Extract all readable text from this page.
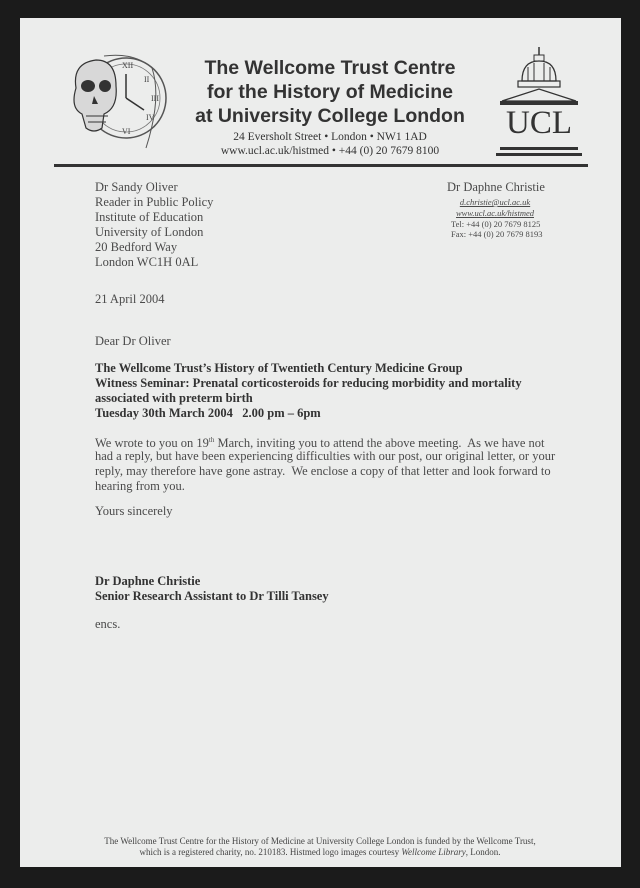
XII
III
VI
II
IV
The Wellcome Trust Centre
for the History of Medicine
at University College London
24 Eversholt Street • London • NW1 1AD
www.ucl.ac.uk/histmed • +44 (0) 20 7679 8100
UCL
Dr Sandy Oliver
Reader in Public Policy
Institute of Education
University of London
20 Bedford Way
London WC1H 0AL
Dr Daphne Christie
d.christie@ucl.ac.uk
www.ucl.ac.uk/histmed
Tel: +44 (0) 20 7679 8125
Fax: +44 (0) 20 7679 8193
21 April 2004
Dear Dr Oliver
The Wellcome Trust’s History of Twentieth Century Medicine Group
Witness Seminar: Prenatal corticosteroids for reducing morbidity and mortality
associated with preterm birth
Tuesday 30th March 2004   2.00 pm – 6pm
We wrote to you on 19th March, inviting you to attend the above meeting.  As we have not
had a reply, but have been experiencing difficulties with our post, our original letter, or your
reply, may therefore have gone astray.  We enclose a copy of that letter and look forward to
hearing from you.
Yours sincerely
Dr Daphne Christie
Senior Research Assistant to Dr Tilli Tansey
encs.
The Wellcome Trust Centre for the History of Medicine at University College London is funded by the Wellcome Trust,
which is a registered charity, no. 210183. Histmed logo images courtesy Wellcome Library, London.
